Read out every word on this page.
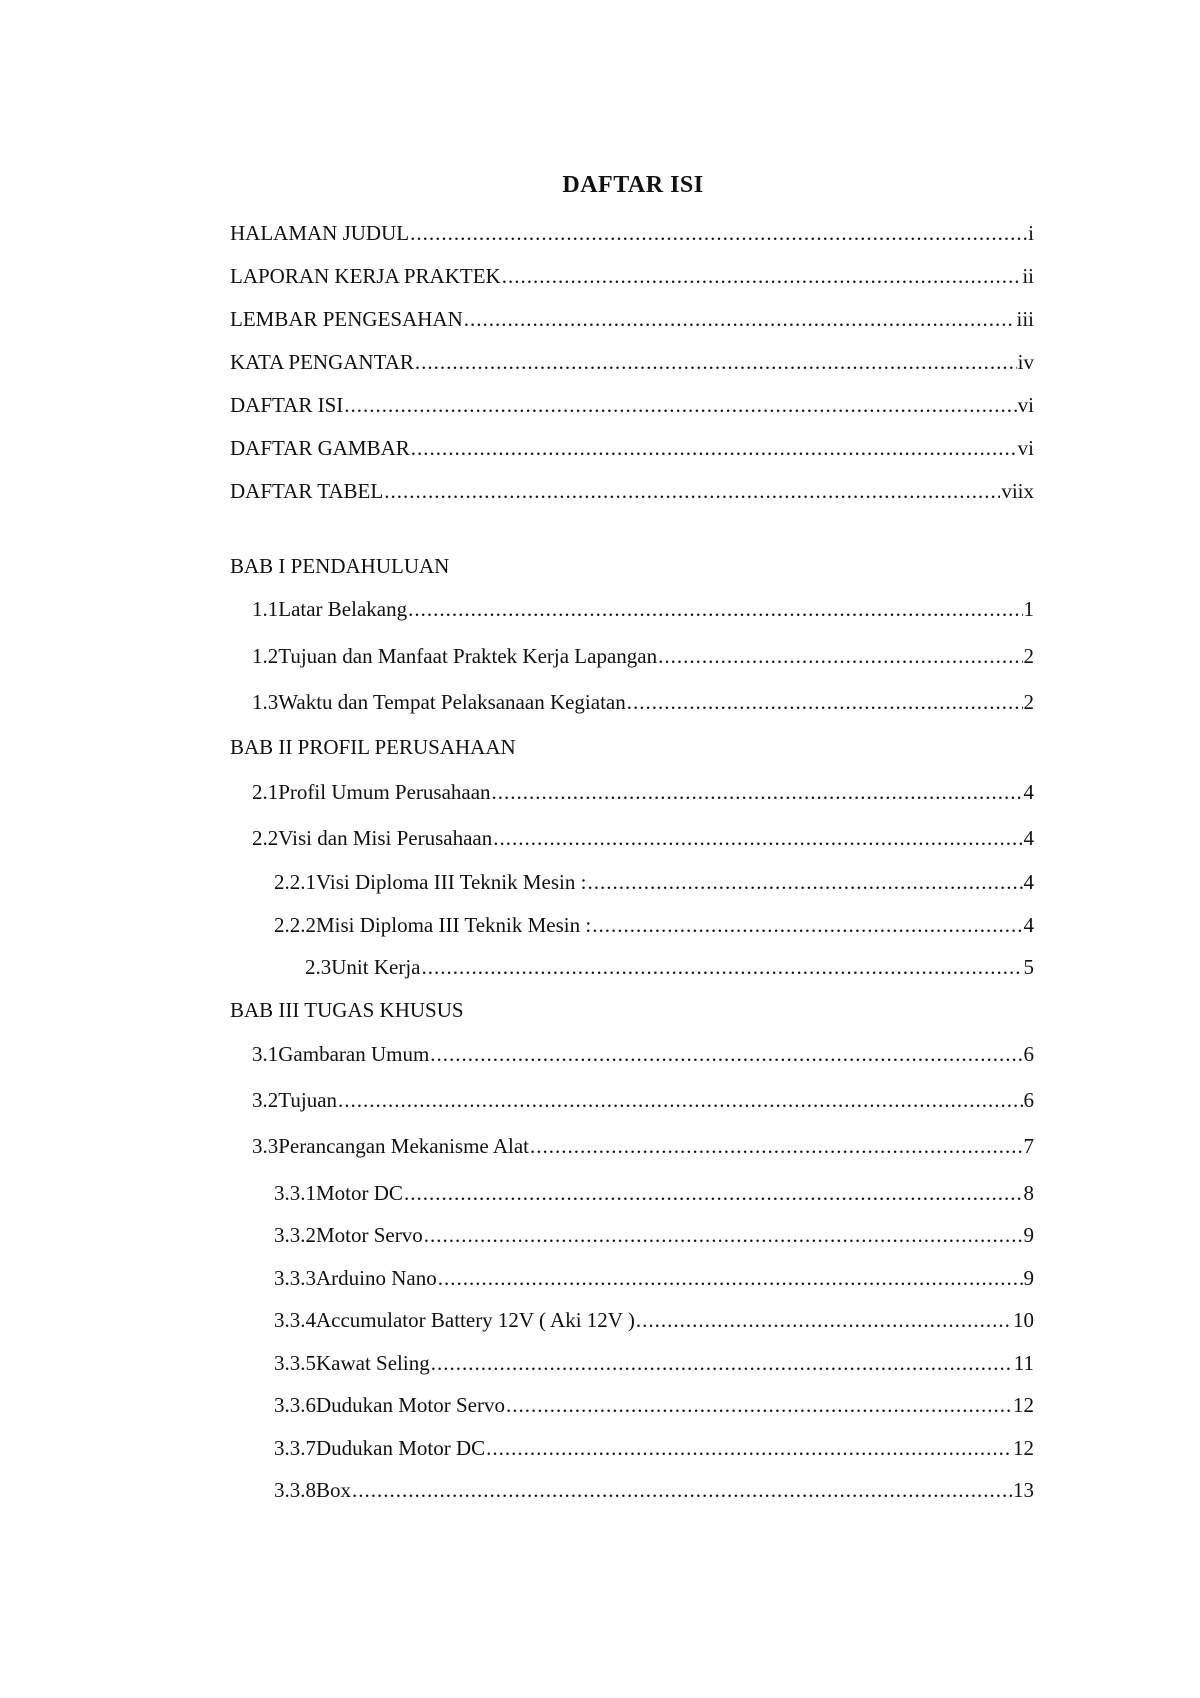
DAFTAR ISI
HALAMAN JUDUL .....	i
LAPORAN KERJA PRAKTEK .....	ii
LEMBAR PENGESAHAN .....	iii
KATA PENGANTAR .....	iv
DAFTAR ISI .....	vi
DAFTAR GAMBAR .....	vi
DAFTAR TABEL .....	viix
BAB I PENDAHULUAN
1.1 Latar Belakang .....	1
1.2 Tujuan dan Manfaat Praktek Kerja Lapangan .....	2
1.3 Waktu dan Tempat Pelaksanaan Kegiatan .....	2
BAB II PROFIL PERUSAHAAN
2.1 Profil Umum Perusahaan .....	4
2.2 Visi dan Misi Perusahaan .....	4
2.2.1 Visi Diploma III Teknik Mesin : .....	4
2.2.2 Misi Diploma III Teknik Mesin : .....	4
2.3 Unit Kerja .....	5
BAB III TUGAS KHUSUS
3.1 Gambaran Umum .....	6
3.2 Tujuan .....	6
3.3 Perancangan Mekanisme Alat .....	7
3.3.1 Motor DC .....	8
3.3.2 Motor Servo .....	9
3.3.3 Arduino Nano .....	9
3.3.4 Accumulator Battery 12V ( Aki 12V ) .....	10
3.3.5 Kawat Seling .....	11
3.3.6 Dudukan Motor Servo .....	12
3.3.7 Dudukan Motor DC .....	12
3.3.8 Box .....	13
